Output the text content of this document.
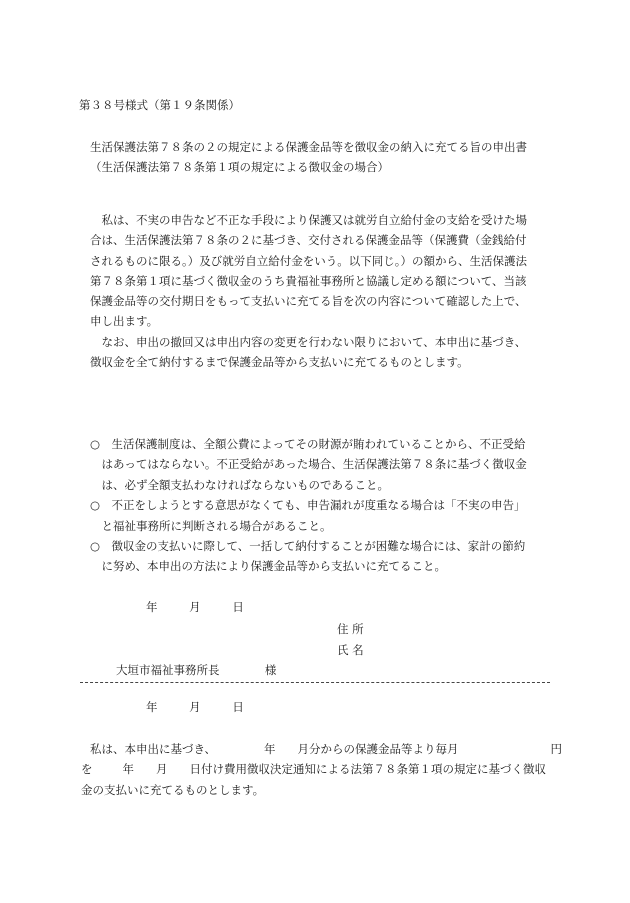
第３８号様式（第１９条関係）
生活保護法第７８条の２の規定による保護金品等を徴収金の納入に充てる旨の申出書
（生活保護法第７８条第１項の規定による徴収金の場合）
　私は、不実の申告など不正な手段により保護又は就労自立給付金の支給を受けた場
合は、生活保護法第７８条の２に基づき、交付される保護金品等（保護費（金銭給付
されるものに限る。）及び就労自立給付金をいう。以下同じ。）の額から、生活保護法
第７８条第１項に基づく徴収金のうち貴福祉事務所と協議し定める額について、当該
保護金品等の交付期日をもって支払いに充てる旨を次の内容について確認した上で、
申し出ます。
　なお、申出の撤回又は申出内容の変更を行わない限りにおいて、本申出に基づき、
徴収金を全て納付するまで保護金品等から支払いに充てるものとします。
○　生活保護制度は、全額公費によってその財源が賄われていることから、不正受給
　はあってはならない。不正受給があった場合、生活保護法第７８条に基づく徴収金
　は、必ず全額支払わなければならないものであること。
○　不正をしようとする意思がなくても、申告漏れが度重なる場合は「不実の申告」
　と福祉事務所に判断される場合があること。
○　徴収金の支払いに際して、一括して納付することが困難な場合には、家計の節約
　に努め、本申出の方法により保護金品等から支払いに充てること。
年	月	日
住 所
氏 名
大垣市福祉事務所長	様
年	月	日
私は、本申出に基づき、	年 月分からの保護金品等より毎月	円
を	年 月 日付け費用徴収決定通知による法第７８条第１項の規定に基づく徴収
金の支払いに充てるものとします。
